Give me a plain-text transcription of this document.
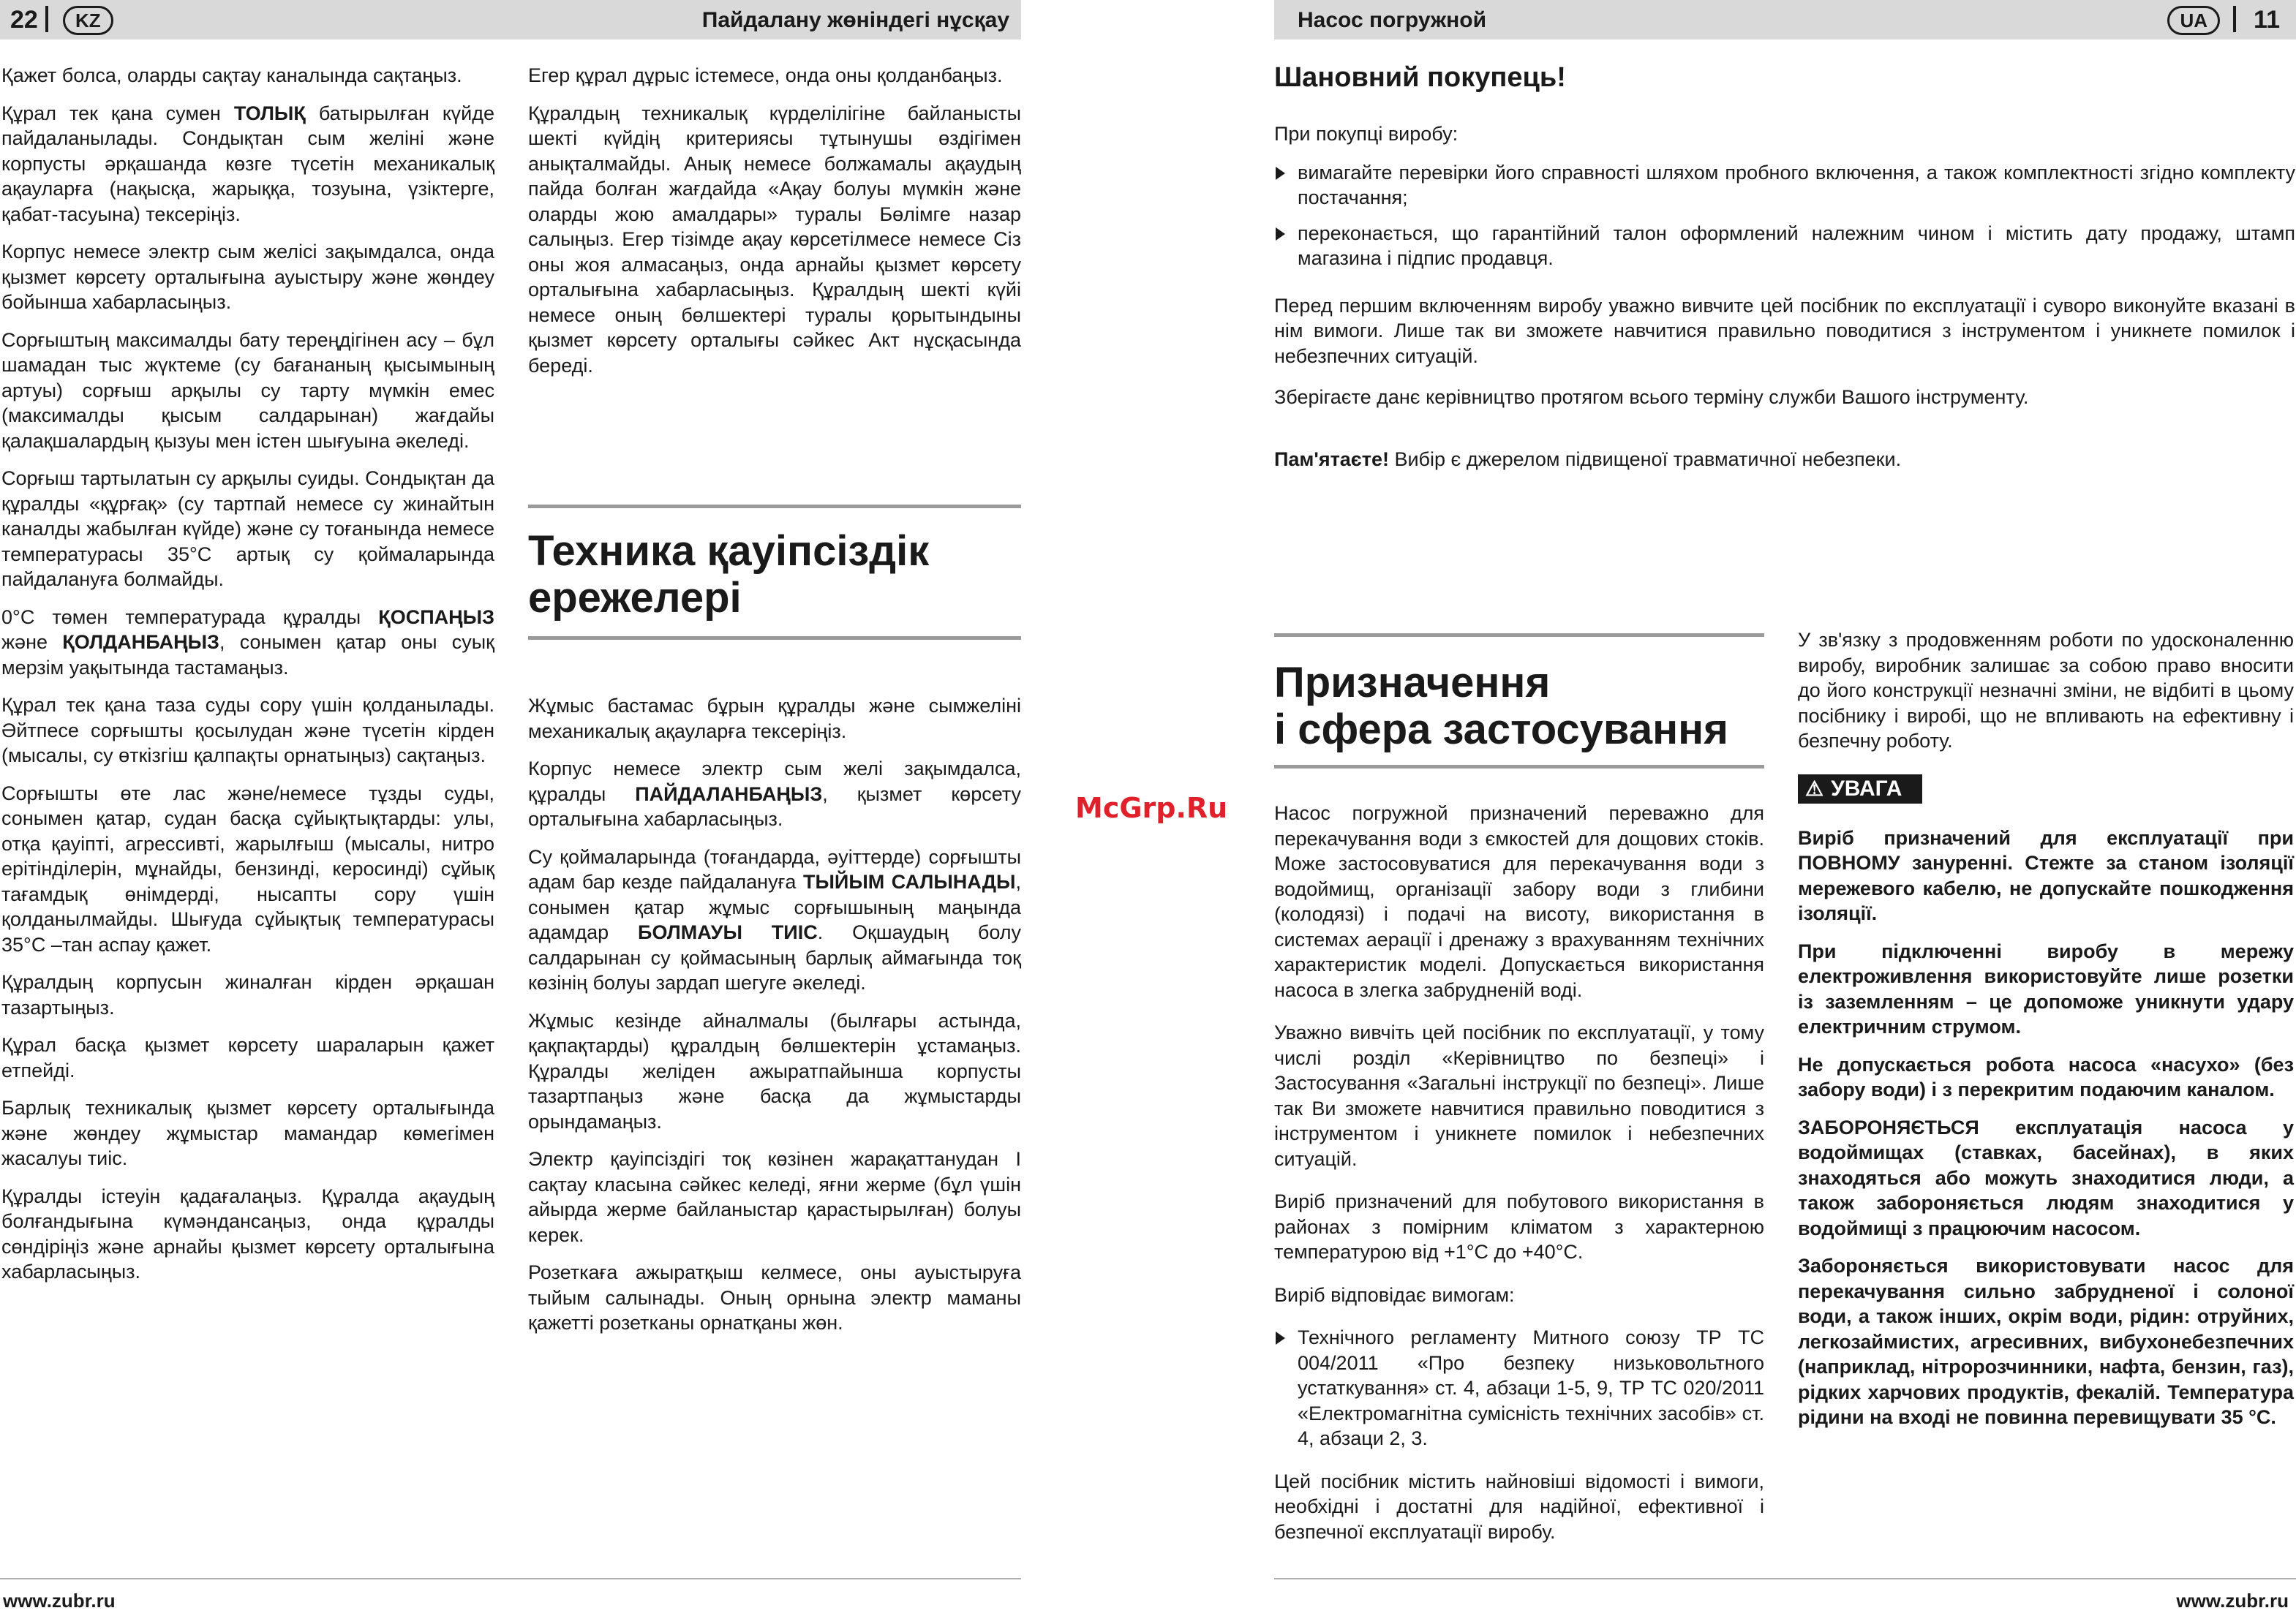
22	KZ	Пайдалану жөніндегі нұсқау	Насос погружной	UA	11

Қажет болса, оларды сақтау каналында сақтаңыз.

Құрал тек қана сумен ТОЛЫҚ батырылған күйде пайдаланылады. Сондықтан сым желіні және корпусты әрқашанда көзге түсетін механикалық ақауларға (нақысқа, жарыққа, тозуына, үзіктерге, қабат-тасуына) тексеріңіз.

Корпус немесе электр сым желісі зақымдалса, онда қызмет көрсету орталығына ауыстыру және жөндеу бойынша хабарласыңыз.

Сорғыштың максималды бату тереңдігінен асу – бұл шамадан тыс жүктеме (су бағананың қысымының артуы) сорғыш арқылы су тарту мүмкін емес (максималды қысым салдарынан) жағдайы қалақшалардың қызуы мен істен шығуына әкеледі.

Сорғыш тартылатын су арқылы суиды. Сондықтан да құралды «құрғақ» (су тартпай немесе су жинайтын каналды жабылған күйде) және су тоғанында немесе температурасы 35°С артық су қоймаларында пайдалануға болмайды.

0°С төмен температурада құралды ҚОСПАҢЫЗ және ҚОЛДАНБАҢЫЗ, сонымен қатар оны суық мерзім уақытында тастамаңыз.

Құрал тек қана таза суды сору үшін қолданылады. Әйтпесе сорғышты қосылудан және түсетін кірден (мысалы, су өткізгіш қалпақты орнатыңыз) сақтаңыз.

Сорғышты өте лас және/немесе тұзды суды, сонымен қатар, судан басқа сұйықтықтарды: улы, отқа қауіпті, агрессивті, жарылғыш (мысалы, нитро ерітінділерін, мұнайды, бензинді, керосинді) сұйық тағамдық өнімдерді, нысапты сору үшін қолданылмайды. Шығуда сұйықтық температурасы 35°С –тан аспау қажет.

Құралдың корпусын жиналған кірден әрқашан тазартыңыз.

Құрал басқа қызмет көрсету шараларын қажет етпейді.

Барлық техникалық қызмет көрсету орталығында және жөндеу жұмыстар мамандар көмегімен жасалуы тиіс.

Құралды істеуін қадағалаңыз. Құралда ақаудың болғандығына күмәндансаңыз, онда құралды сөндіріңіз және арнайы қызмет көрсету орталығына хабарласыңыз.

Егер құрал дұрыс істемесе, онда оны қолданбаңыз.

Құралдың техникалық күрделілігіне байланысты шекті күйдің критериясы тұтынушы өздігімен анықталмайды. Анық немесе болжамалы ақаудың пайда болған жағдайда «Ақау болуы мүмкін және оларды жою амалдары» туралы Бөлімге назар салыңыз. Егер тізімде ақау көрсетілмесе немесе Сіз оны жоя алмасаңыз, онда арнайы қызмет көрсету орталығына хабарласыңыз. Құралдың шекті күйі немесе оның бөлшектері туралы қорытындыны қызмет көрсету орталығы сәйкес Акт нұсқасында береді.

Техника қауіпсіздік
ережелері

Жұмыс бастамас бұрын құралды және сымжеліні механикалық ақауларға тексеріңіз.

Корпус немесе электр сым желі зақымдалса, құралды ПАЙДАЛАНБАҢЫЗ, қызмет көрсету орталығына хабарласыңыз.

Су қоймаларында (тоғандарда, әуіттерде) сорғышты адам бар кезде пайдалануға ТЫЙЫМ САЛЫНАДЫ, сонымен қатар жұмыс сорғышының маңында адамдар БОЛМАУЫ ТИІС. Оқшаудың болу салдарынан су қоймасының барлық аймағында тоқ көзінің болуы зардап шегуге әкеледі.

Жұмыс кезінде айналмалы (былғары астында, қақпақтарды) құралдың бөлшектерін ұстамаңыз. Құралды желіден ажыратпайынша корпусты тазартпаңыз және басқа да жұмыстарды орындамаңыз.

Электр қауіпсіздігі тоқ көзінен жарақаттанудан І сақтау класына сәйкес келеді, яғни жерме (бұл үшін айырда жерме байланыстар қарастырылған) болуы керек.

Розеткаға ажыратқыш келмесе, оны ауыстыруға тыйым салынады. Оның орнына электр маманы қажетті розетканы орнатқаны жөн.

McGrp.Ru
Шановний покупець!

При покупці виробу:

вимагайте перевірки його справності шляхом пробного включення, а також комплектності згідно комплекту постачання;
переконається, що гарантійний талон оформлений належним чином і містить дату продажу, штамп магазина і підпис продавця.

Перед першим включенням виробу уважно вивчите цей посібник по експлуатації і суворо виконуйте вказані в нім вимоги. Лише так ви зможете навчитися правильно поводитися з інструментом і уникнете помилок і небезпечних ситуацій.

Зберігаєте данє керівництво протягом всього терміну служби Вашого інструменту.

Пам'ятаєте! Вибір є джерелом підвищеної травматичної небезпеки.

Призначення
і сфера застосування

Насос погружной призначений переважно для перекачування води з ємкостей для дощових стоків. Може застосовуватися для перекачування води з водоймищ, організації забору води з глибини (колодязі) і подачі на висоту, використання в системах аерації і дренажу з врахуванням технічних характеристик моделі. Допускається використання насоса в злегка забрудненій воді.

Уважно вивчіть цей посібник по експлуатації, у тому числі розділ «Керівництво по безпеці» і Застосування «Загальні інструкції по безпеці». Лише так Ви зможете навчитися правильно поводитися з інструментом і уникнете помилок і небезпечних ситуацій.

Виріб призначений для побутового використання в районах з помірним кліматом з характерною температурою від +1°С до +40°С.

Виріб відповідає вимогам:

Технічного регламенту Митного союзу ТР ТС 004/2011 «Про безпеку низьковольтного устаткування» ст. 4, абзаци 1-5, 9, ТР ТС 020/2011 «Електромагнітна сумісність технічних засобів» ст. 4, абзаци 2, 3.

Цей посібник містить найновіші відомості і вимоги, необхідні і достатні для надійної, ефективної і безпечної експлуатації виробу.

У зв'язку з продовженням роботи по удосконаленню виробу, виробник залишає за собою право вносити до його конструкції незначні зміни, не відбиті в цьому посібнику і виробі, що не впливають на ефективну і безпечну роботу.

⚠ УВАГА

Виріб призначений для експлуатації при ПОВНОМУ зануренні. Стежте за станом ізоляції мережевого кабелю, не допускайте пошкодження ізоляції.

При підключенні виробу в мережу електроживлення використовуйте лише розетки із заземленням – це допоможе уникнути удару електричним струмом.

Не допускається робота насоса «насухо» (без забору води) і з перекритим подаючим каналом.

ЗАБОРОНЯЄТЬСЯ експлуатація насоса у водоймищах (ставках, басейнах), в яких знаходяться або можуть знаходитися люди, а також забороняється людям знаходитися у водоймищі з працюючим насосом.

Забороняється використовувати насос для перекачування сильно забрудненої і солоної води, а також інших, окрім води, рідин: отруйних, легкозаймистих, агресивних, вибухонебезпечних (наприклад, нітророзчинники, нафта, бензин, газ), рідких харчових продуктів, фекалій. Температура рідини на вході не повинна перевищувати 35 °С.

www.zubr.ru	www.zubr.ru
